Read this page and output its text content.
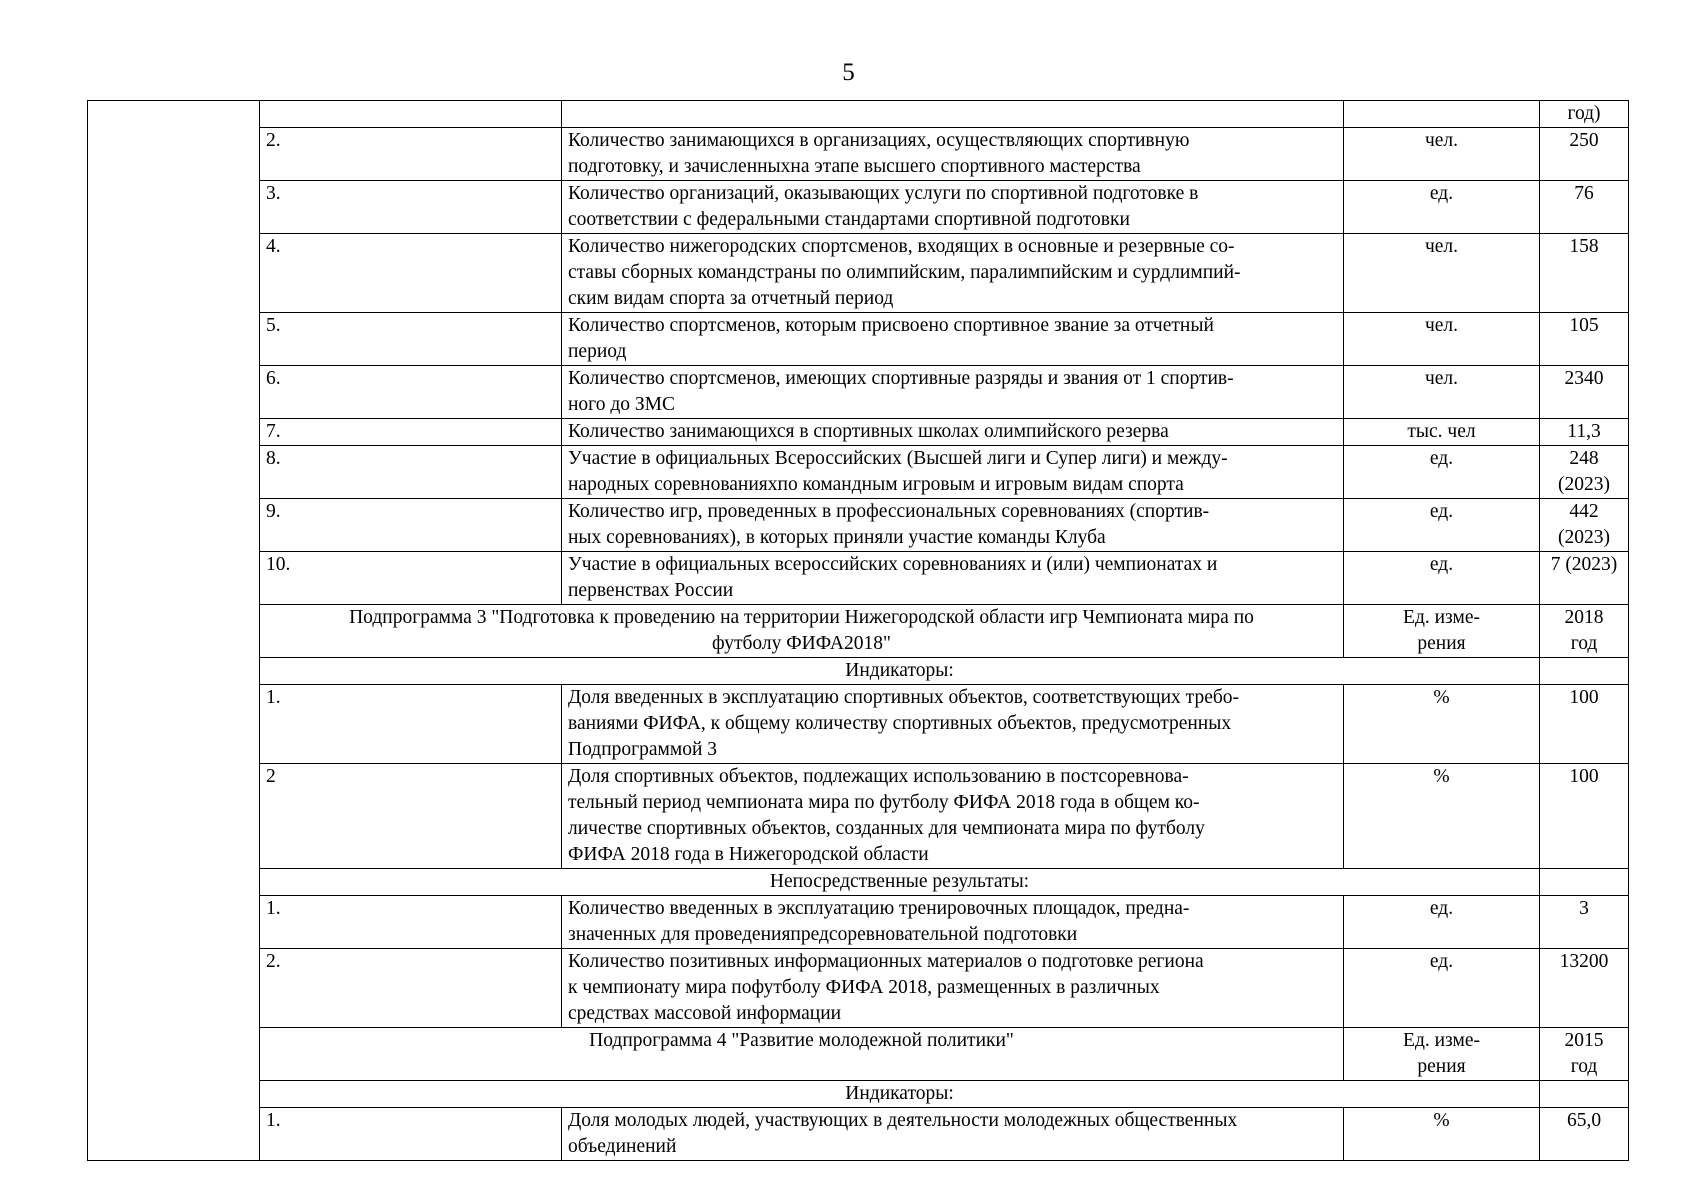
5
				год)
	2.	Количество занимающихся в организациях, осуществляющих спортивную
подготовку, и зачисленныхна этапе высшего спортивного мастерства	чел.	250

	3.	Количество организаций, оказывающих услуги по спортивной подготовке в
соответствии с федеральными стандартами спортивной подготовки	ед.	76

	4.	Количество нижегородских спортсменов, входящих в основные и резервные со-
ставы сборных командстраны по олимпийским, паралимпийским и сурдлимпий-
ским видам спорта за отчетный период	чел.	158

	5.	Количество спортсменов, которым присвоено спортивное звание за отчетный
период	чел.	105

	6.	Количество спортсменов, имеющих спортивные разряды и звания от 1 спортив-
ного до ЗМС	чел.	2340

	7.	Количество занимающихся в спортивных школах олимпийского резерва	тыс. чел	11,3

	8.	Участие в официальных Всероссийских (Высшей лиги и Супер лиги) и между-
народных соревнованияхпо командным игровым и игровым видам спорта	ед.	248
(2023)

	9.	Количество игр, проведенных в профессиональных соревнованиях (спортив-
ных соревнованиях), в которых приняли участие команды Клуба	ед.	442
(2023)

	10.	Участие в официальных всероссийских соревнованиях и (или) чемпионатах и
первенствах России	ед.	7 (2023)

	Подпрограмма 3 "Подготовка к проведению на территории Нижегородской области игр Чемпионата мира по
футболу ФИФА2018"		Ед. изме-
рения	2018
год

	Индикаторы:			
	1.	Доля введенных в эксплуатацию спортивных объектов, соответствующих требо-
ваниями ФИФА, к общему количеству спортивных объектов, предусмотренных
Подпрограммой 3	%	100
	2	Доля спортивных объектов, подлежащих использованию в постсоревнова-
тельный период чемпионата мира по футболу ФИФА 2018 года в общем ко-
личестве спортивных объектов, созданных для чемпионата мира по футболу
ФИФА 2018 года в Нижегородской области	%	100
	Непосредственные результаты:			
	1.	Количество введенных в эксплуатацию тренировочных площадок, предна-
значенных для проведенияпредсоревновательной подготовки	ед.	3
	2.	Количество позитивных информационных материалов о подготовке региона
к чемпионату мира пофутболу ФИФА 2018, размещенных в различных
средствах массовой информации	ед.	13200
	Подпрограмма 4 "Развитие молодежной политики"		Ед. изме-
рения	2015
год

	Индикаторы:			
	1.	Доля молодых людей, участвующих в деятельности молодежных общественных
объединений	%	65,0
